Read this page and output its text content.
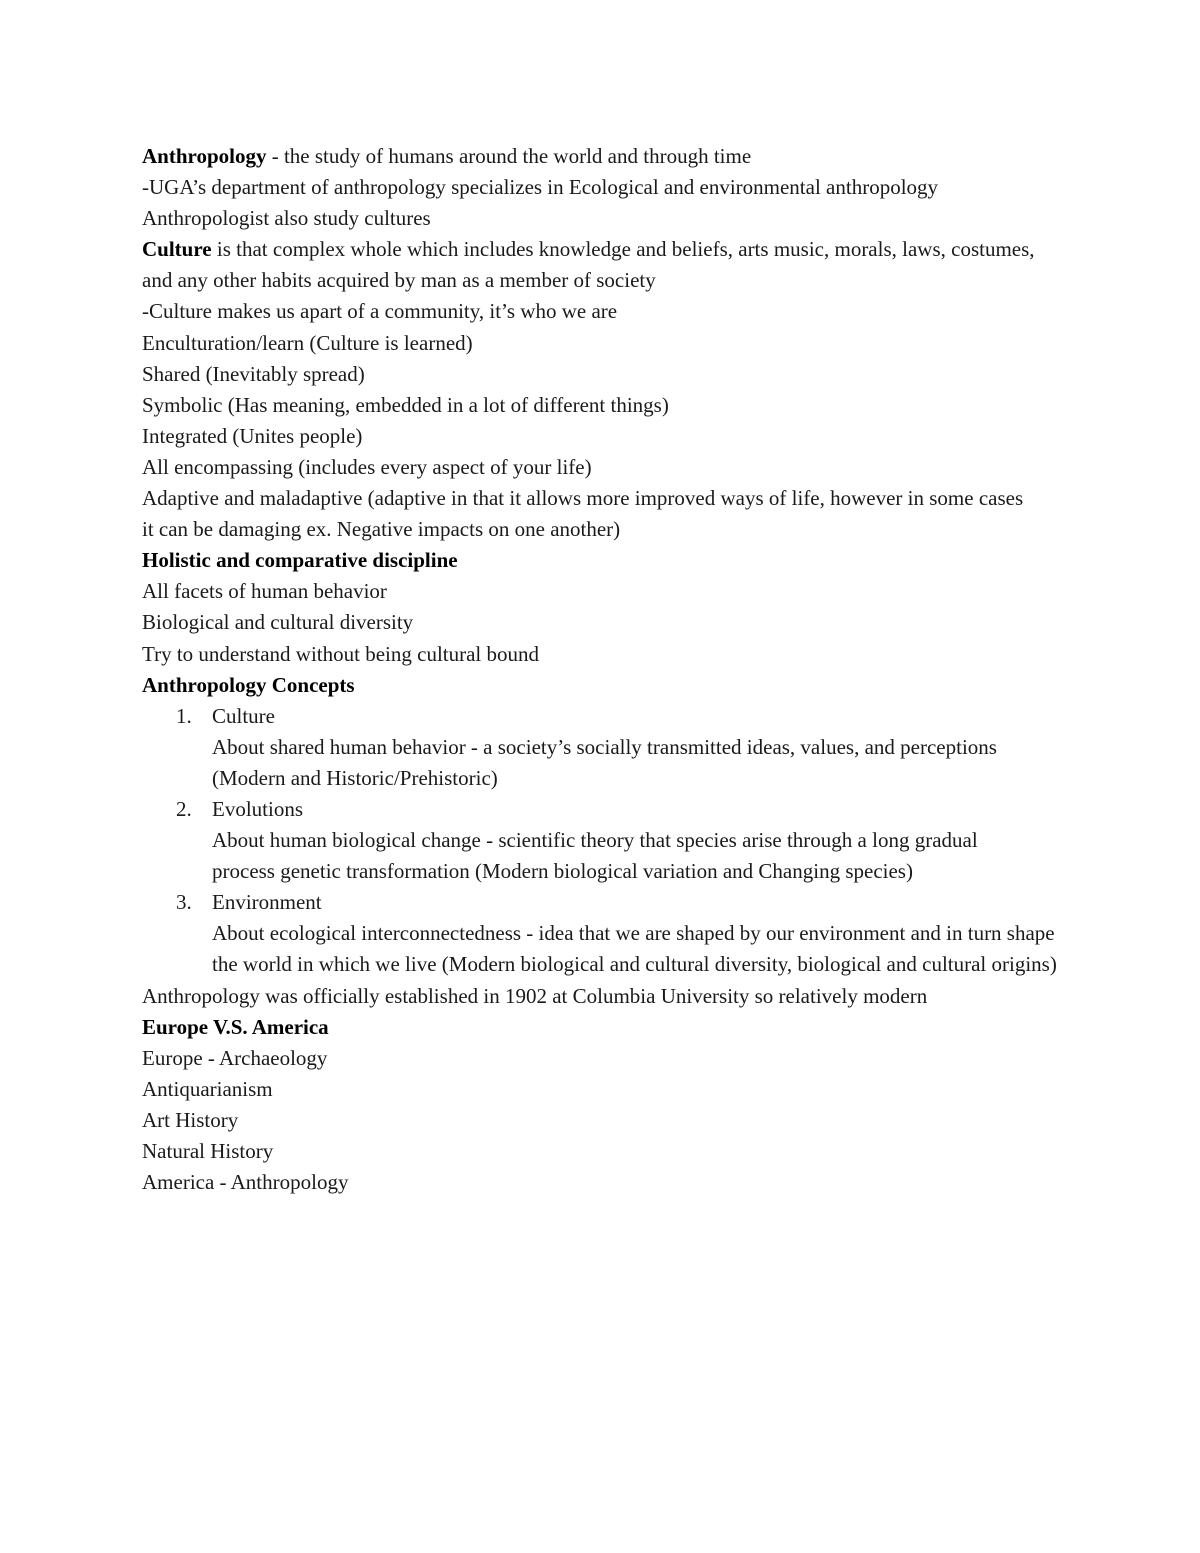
Anthropology - the study of humans around the world and through time
-UGA’s department of anthropology specializes in Ecological and environmental anthropology
Anthropologist also study cultures
Culture is that complex whole which includes knowledge and beliefs, arts music, morals, laws, costumes, and any other habits acquired by man as a member of society
-Culture makes us apart of a community, it’s who we are
Enculturation/learn (Culture is learned)
Shared (Inevitably spread)
Symbolic (Has meaning, embedded in a lot of different things)
Integrated (Unites people)
All encompassing (includes every aspect of your life)
Adaptive and maladaptive (adaptive in that it allows more improved ways of life, however in some cases it can be damaging ex. Negative impacts on one another)
Holistic and comparative discipline
All facets of human behavior
Biological and cultural diversity
Try to understand without being cultural bound
Anthropology Concepts
1. Culture
About shared human behavior - a society’s socially transmitted ideas, values, and perceptions (Modern and Historic/Prehistoric)
2. Evolutions
About human biological change - scientific theory that species arise through a long gradual process genetic transformation (Modern biological variation and Changing species)
3. Environment
About ecological interconnectedness - idea that we are shaped by our environment and in turn shape the world in which we live (Modern biological and cultural diversity, biological and cultural origins)
Anthropology was officially established in 1902 at Columbia University so relatively modern
Europe V.S. America
Europe - Archaeology
Antiquarianism
Art History
Natural History
America - Anthropology
